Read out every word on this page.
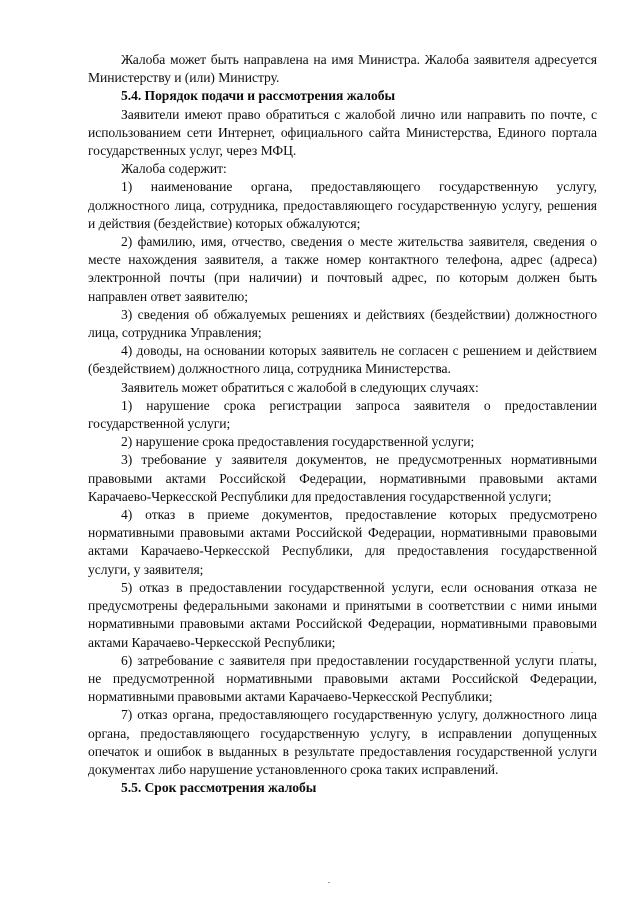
Жалоба может быть направлена на имя Министра. Жалоба заявителя адресуется Министерству и (или) Министру.

5.4. Порядок подачи и рассмотрения жалобы

Заявители имеют право обратиться с жалобой лично или направить по почте, с использованием сети Интернет, официального сайта Министерства, Единого портала государственных услуг, через МФЦ.

Жалоба содержит:

1) наименование органа, предоставляющего государственную услугу, должностного лица, сотрудника, предоставляющего государственную услугу, решения и действия (бездействие) которых обжалуются;

2) фамилию, имя, отчество, сведения о месте жительства заявителя, сведения о месте нахождения заявителя, а также номер контактного телефона, адрес (адреса) электронной почты (при наличии) и почтовый адрес, по которым должен быть направлен ответ заявителю;

3) сведения об обжалуемых решениях и действиях (бездействии) должностного лица, сотрудника Управления;

4) доводы, на основании которых заявитель не согласен с решением и действием (бездействием) должностного лица, сотрудника Министерства.

Заявитель может обратиться с жалобой в следующих случаях:

1) нарушение срока регистрации запроса заявителя о предоставлении государственной услуги;

2) нарушение срока предоставления государственной услуги;

3) требование у заявителя документов, не предусмотренных нормативными правовыми актами Российской Федерации, нормативными правовыми актами Карачаево-Черкесской Республики для предоставления государственной услуги;

4) отказ в приеме документов, предоставление которых предусмотрено нормативными правовыми актами Российской Федерации, нормативными правовыми актами Карачаево-Черкесской Республики, для предоставления государственной услуги, у заявителя;

5) отказ в предоставлении государственной услуги, если основания отказа не предусмотрены федеральными законами и принятыми в соответствии с ними иными нормативными правовыми актами Российской Федерации, нормативными правовыми актами Карачаево-Черкесской Республики;

6) затребование с заявителя при предоставлении государственной услуги платы, не предусмотренной нормативными правовыми актами Российской Федерации, нормативными правовыми актами Карачаево-Черкесской Республики;

7) отказ органа, предоставляющего государственную услугу, должностного лица органа, предоставляющего государственную услугу, в исправлении допущенных опечаток и ошибок в выданных в результате предоставления государственной услуги документах либо нарушение установленного срока таких исправлений.

5.5. Срок рассмотрения жалобы
